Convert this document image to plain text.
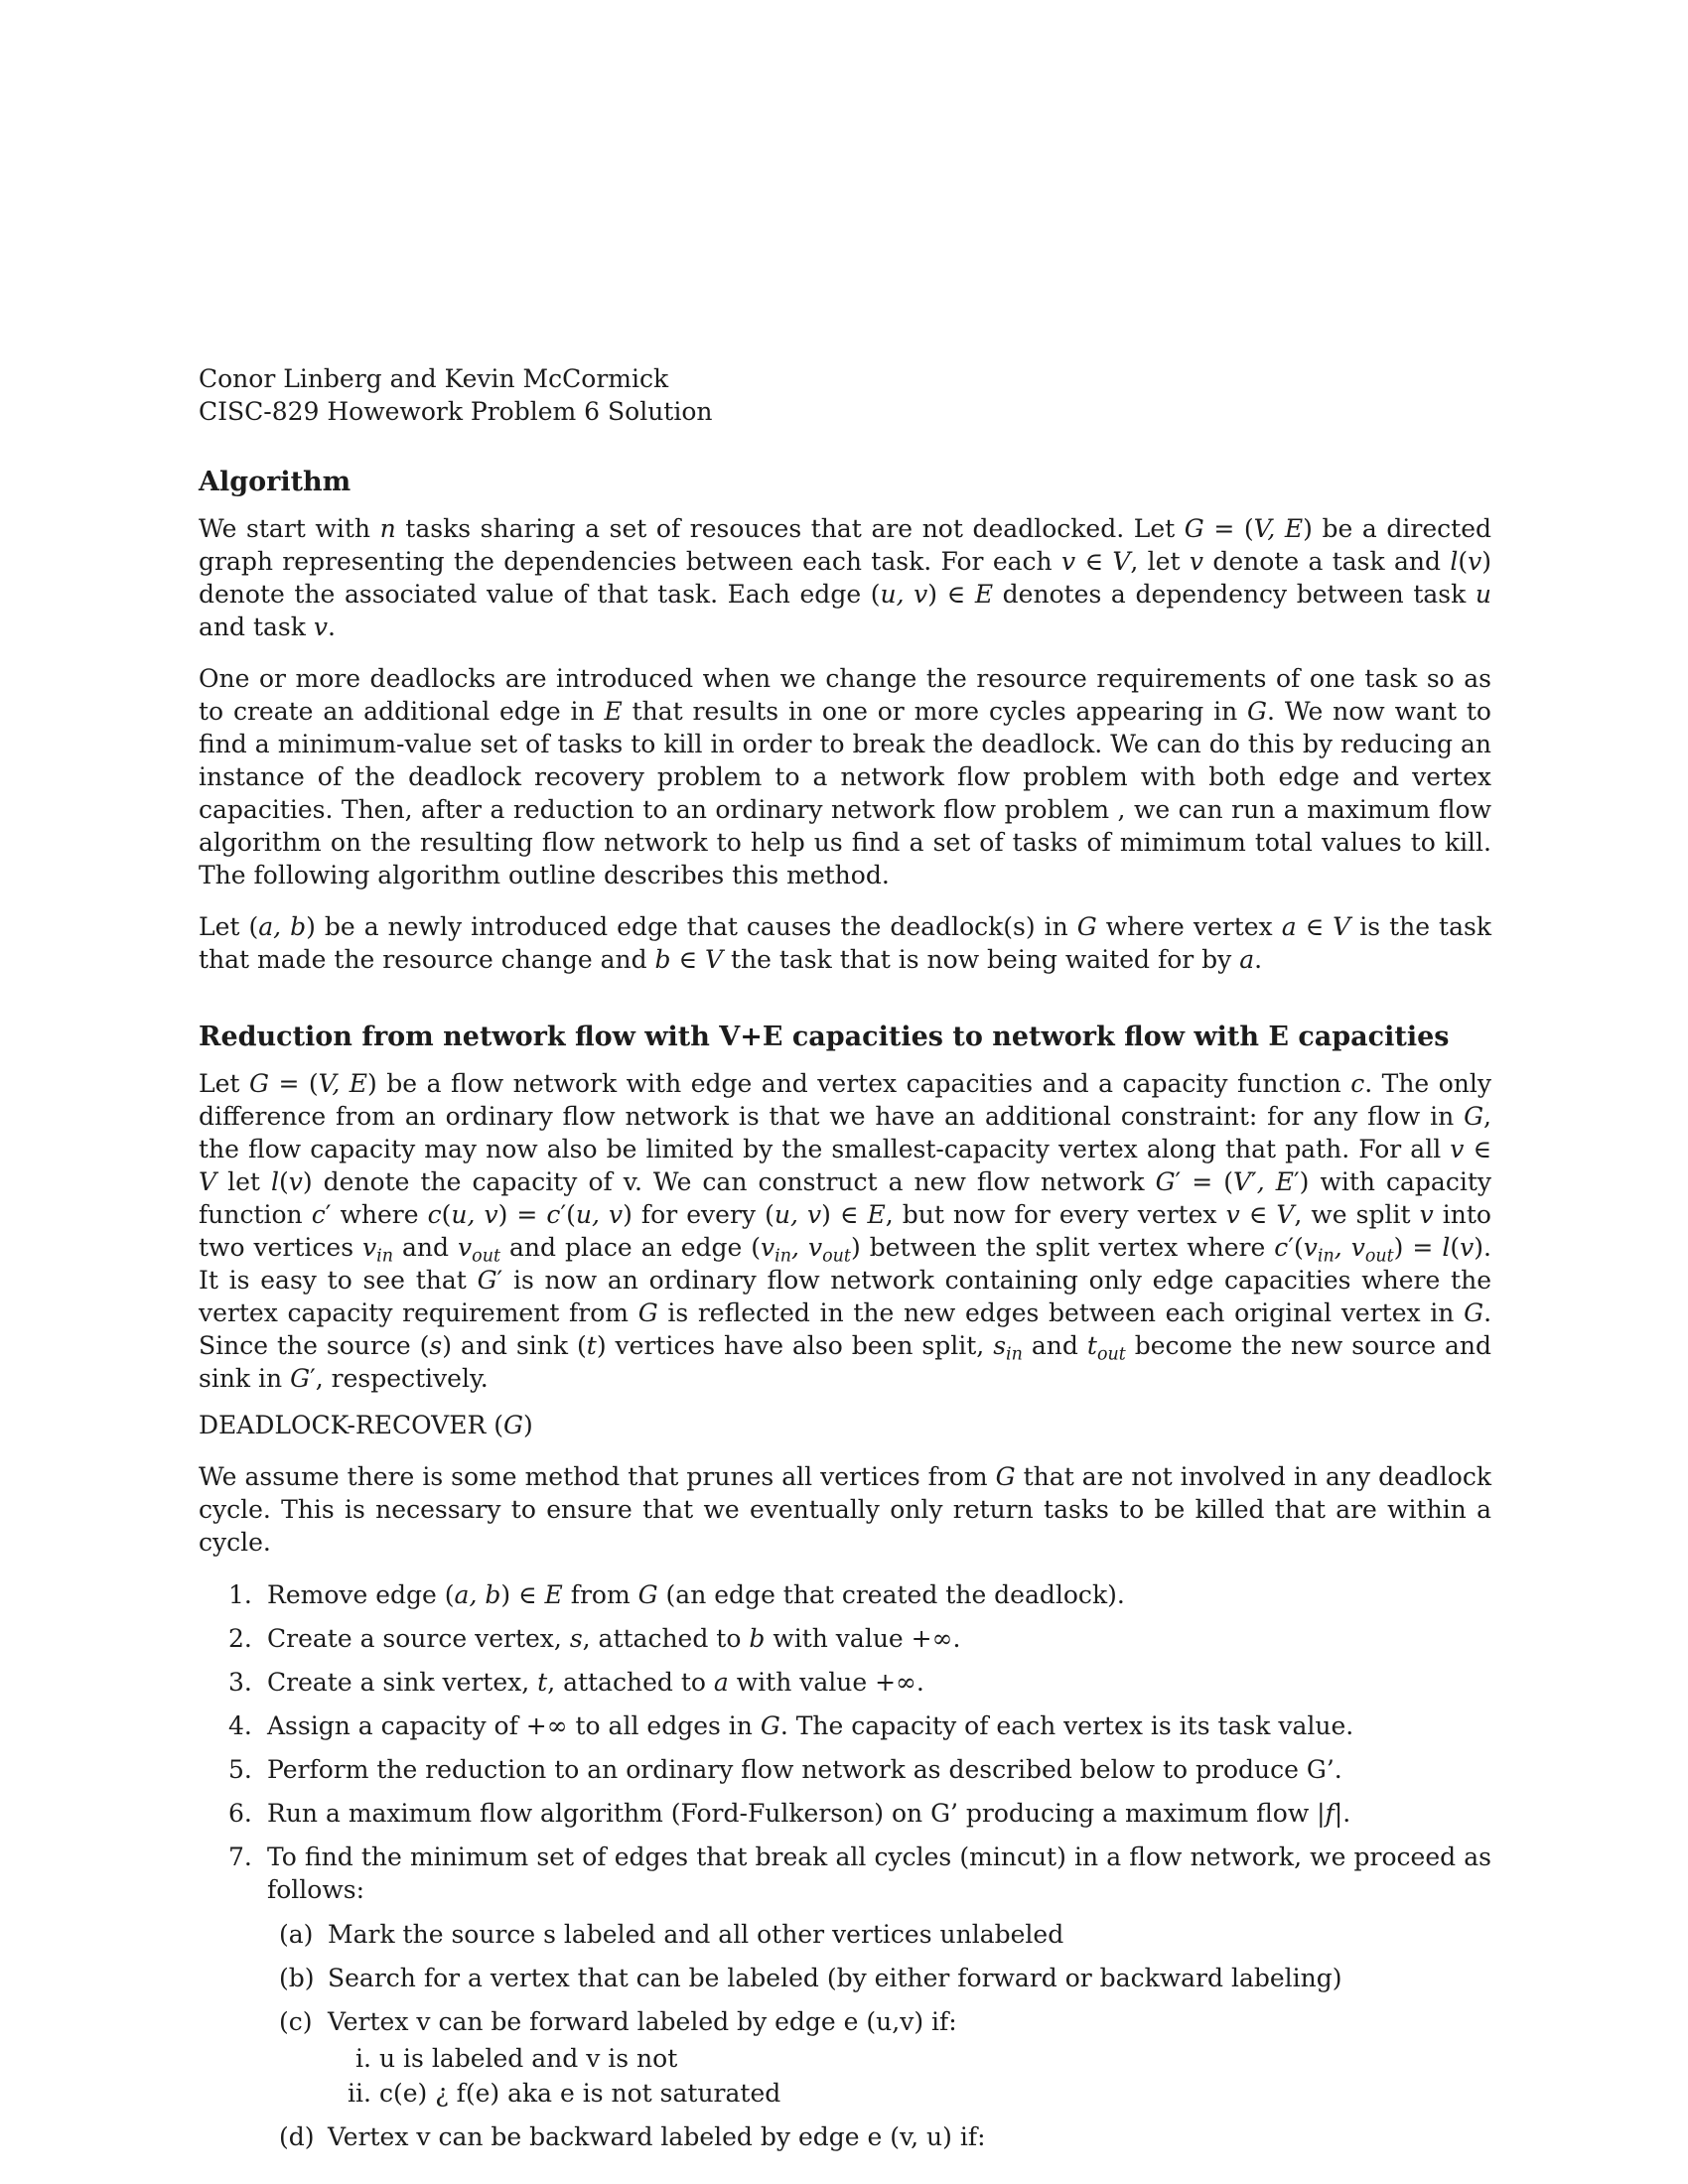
Conor Linberg and Kevin McCormick
CISC-829 Howework Problem 6 Solution
Algorithm

We start with n tasks sharing a set of resouces that are not deadlocked. Let G = (V, E) be a directed graph representing the dependencies between each task. For each v ∈ V, let v denote a task and l(v) denote the associated value of that task. Each edge (u, v) ∈ E denotes a dependency between task u and task v.

One or more deadlocks are introduced when we change the resource requirements of one task so as to create an additional edge in E that results in one or more cycles appearing in G. We now want to find a minimum-value set of tasks to kill in order to break the deadlock. We can do this by reducing an instance of the deadlock recovery problem to a network flow problem with both edge and vertex capacities. Then, after a reduction to an ordinary network flow problem , we can run a maximum flow algorithm on the resulting flow network to help us find a set of tasks of mimimum total values to kill. The following algorithm outline describes this method.

Let (a, b) be a newly introduced edge that causes the deadlock(s) in G where vertex a ∈ V is the task that made the resource change and b ∈ V the task that is now being waited for by a.

Reduction from network flow with V+E capacities to network flow with E capacities

Let G = (V, E) be a flow network with edge and vertex capacities and a capacity function c. The only difference from an ordinary flow network is that we have an additional constraint: for any flow in G, the flow capacity may now also be limited by the smallest-capacity vertex along that path. For all v ∈ V let l(v) denote the capacity of v. We can construct a new flow network G′ = (V′, E′) with capacity function c′ where c(u, v) = c′(u, v) for every (u, v) ∈ E, but now for every vertex v ∈ V, we split v into two vertices $v_{in}$ and $v_{out}$ and place an edge ($v_{in}$, $v_{out}$) between the split vertex where $c'(v_{in}$, $v_{out}) = l(v)$. It is easy to see that G′ is now an ordinary flow network containing only edge capacities where the vertex capacity requirement from G is reflected in the new edges between each original vertex in G. Since the source (s) and sink (t) vertices have also been split, $s_{in}$ and $t_{out}$ become the new source and sink in G′, respectively.

DEADLOCK-RECOVER (G)

We assume there is some method that prunes all vertices from G that are not involved in any deadlock cycle. This is necessary to ensure that we eventually only return tasks to be killed that are within a cycle.

1. Remove edge (a, b) ∈ E from G (an edge that created the deadlock).
2. Create a source vertex, s, attached to b with value +∞.
3. Create a sink vertex, t, attached to a with value +∞.
4. Assign a capacity of +∞ to all edges in G. The capacity of each vertex is its task value.
5. Perform the reduction to an ordinary flow network as described below to produce G’.
6. Run a maximum flow algorithm (Ford-Fulkerson) on G’ producing a maximum flow |f|.
7. To find the minimum set of edges that break all cycles (mincut) in a flow network, we proceed as follows:
(a) Mark the source s labeled and all other vertices unlabeled
(b) Search for a vertex that can be labeled (by either forward or backward labeling)
(c) Vertex v can be forward labeled by edge e (u,v) if:
i. u is labeled and v is not
ii. c(e) ¿ f(e) aka e is not saturated
(d) Vertex v can be backward labeled by edge e (v, u) if:
